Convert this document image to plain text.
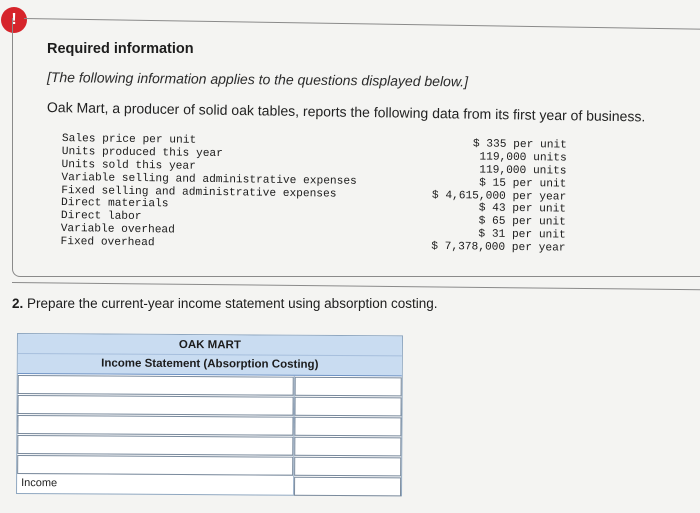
!
Required information
[The following information applies to the questions displayed below.]
Oak Mart, a producer of solid oak tables, reports the following data from its first year of business.
Sales price per unit	$ 335 per unit
Units produced this year	119,000 units
Units sold this year	119,000 units
Variable selling and administrative expenses	$ 15 per unit
Fixed selling and administrative expenses	$ 4,615,000 per year
Direct materials	$ 43 per unit
Direct labor	$ 65 per unit
Variable overhead	$ 31 per unit
Fixed overhead	$ 7,378,000 per year
2. Prepare the current-year income statement using absorption costing.
OAK MART
Income Statement (Absorption Costing)
Income
